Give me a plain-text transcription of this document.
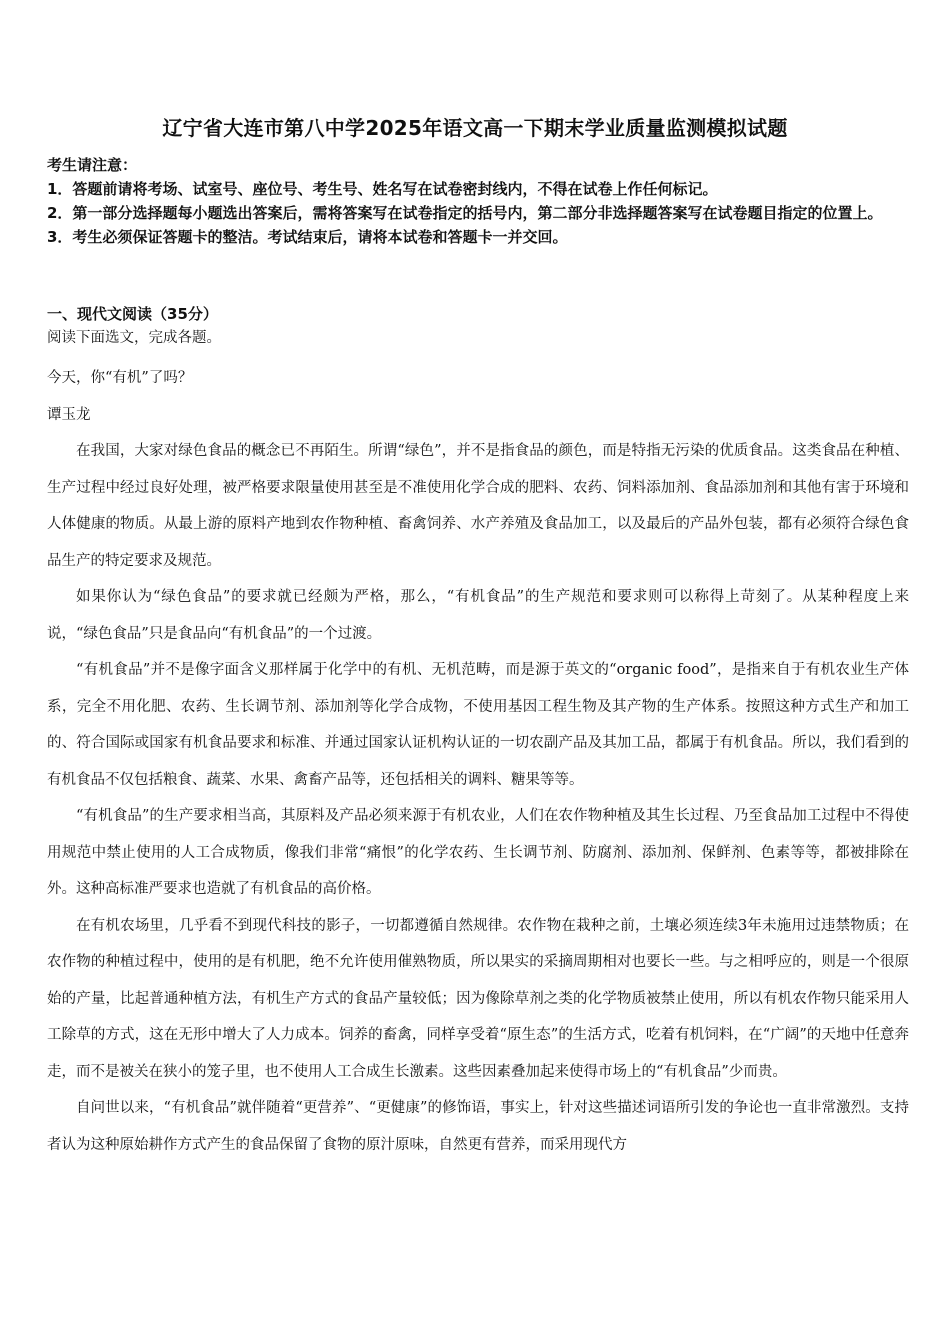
辽宁省大连市第八中学2025年语文高一下期末学业质量监测模拟试题
考生请注意：
1．答题前请将考场、试室号、座位号、考生号、姓名写在试卷密封线内，不得在试卷上作任何标记。
2．第一部分选择题每小题选出答案后，需将答案写在试卷指定的括号内，第二部分非选择题答案写在试卷题目指定的位置上。
3．考生必须保证答题卡的整洁。考试结束后，请将本试卷和答题卡一并交回。
一、现代文阅读（35分）
阅读下面选文，完成各题。

今天，你“有机”了吗？

谭玉龙

在我国，大家对绿色食品的概念已不再陌生。所谓“绿色”，并不是指食品的颜色，而是特指无污染的优质食品。这类食品在种植、生产过程中经过良好处理，被严格要求限量使用甚至是不准使用化学合成的肥料、农药、饲料添加剂、食品添加剂和其他有害于环境和人体健康的物质。从最上游的原料产地到农作物种植、畜禽饲养、水产养殖及食品加工，以及最后的产品外包装，都有必须符合绿色食品生产的特定要求及规范。

如果你认为“绿色食品”的要求就已经颇为严格，那么，“有机食品”的生产规范和要求则可以称得上苛刻了。从某种程度上来说，“绿色食品”只是食品向“有机食品”的一个过渡。

“有机食品”并不是像字面含义那样属于化学中的有机、无机范畴，而是源于英文的“organic food”，是指来自于有机农业生产体系，完全不用化肥、农药、生长调节剂、添加剂等化学合成物，不使用基因工程生物及其产物的生产体系。按照这种方式生产和加工的、符合国际或国家有机食品要求和标准、并通过国家认证机构认证的一切农副产品及其加工品，都属于有机食品。所以，我们看到的有机食品不仅包括粮食、蔬菜、水果、禽畜产品等，还包括相关的调料、糖果等等。

“有机食品”的生产要求相当高，其原料及产品必须来源于有机农业，人们在农作物种植及其生长过程、乃至食品加工过程中不得使用规范中禁止使用的人工合成物质，像我们非常“痛恨”的化学农药、生长调节剂、防腐剂、添加剂、保鲜剂、色素等等，都被排除在外。这种高标准严要求也造就了有机食品的高价格。

在有机农场里，几乎看不到现代科技的影子，一切都遵循自然规律。农作物在栽种之前，土壤必须连续3年未施用过违禁物质；在农作物的种植过程中，使用的是有机肥，绝不允许使用催熟物质，所以果实的采摘周期相对也要长一些。与之相呼应的，则是一个很原始的产量，比起普通种植方法，有机生产方式的食品产量较低；因为像除草剂之类的化学物质被禁止使用，所以有机农作物只能采用人工除草的方式，这在无形中增大了人力成本。饲养的畜禽，同样享受着“原生态”的生活方式，吃着有机饲料，在“广阔”的天地中任意奔走，而不是被关在狭小的笼子里，也不使用人工合成生长激素。这些因素叠加起来使得市场上的“有机食品”少而贵。

自问世以来，“有机食品”就伴随着“更营养”、“更健康”的修饰语，事实上，针对这些描述词语所引发的争论也一直非常激烈。支持者认为这种原始耕作方式产生的食品保留了食物的原汁原味，自然更有营养，而采用现代方
